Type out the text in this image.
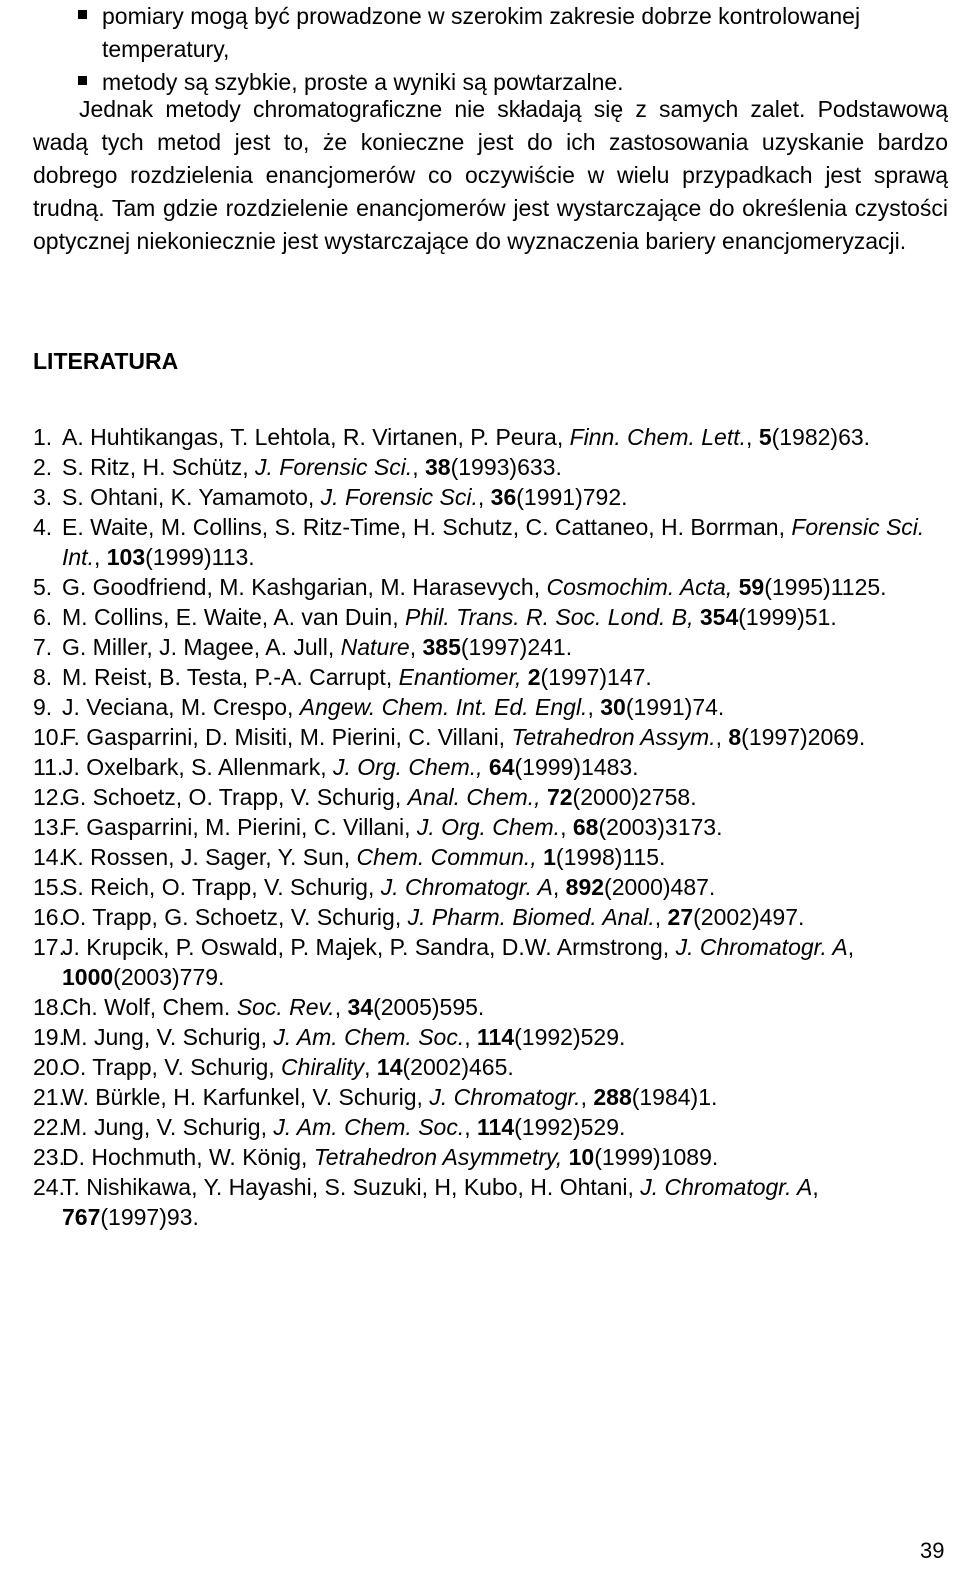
pomiary mogą być prowadzone w szerokim zakresie dobrze kontrolowanej temperatury,
metody są szybkie, proste a wyniki są powtarzalne.
Jednak metody chromatograficzne nie składają się z samych zalet. Podstawową wadą tych metod jest to, że konieczne jest do ich zastosowania uzyskanie bardzo dobrego rozdzielenia enancjomerów co oczywiście w wielu przypadkach jest sprawą trudną. Tam gdzie rozdzielenie enancjomerów jest wystarczające do określenia czystości optycznej niekoniecznie jest wystarczające do wyznaczenia bariery enancjomeryzacji.
LITERATURA
1. A. Huhtikangas, T. Lehtola, R. Virtanen, P. Peura, Finn. Chem. Lett., 5(1982)63.
2. S. Ritz, H. Schütz, J. Forensic Sci., 38(1993)633.
3. S. Ohtani, K. Yamamoto, J. Forensic Sci., 36(1991)792.
4. E. Waite, M. Collins, S. Ritz-Time, H. Schutz, C. Cattaneo, H. Borrman, Forensic Sci. Int., 103(1999)113.
5. G. Goodfriend, M. Kashgarian, M. Harasevych, Cosmochim. Acta, 59(1995)1125.
6. M. Collins, E. Waite, A. van Duin, Phil. Trans. R. Soc. Lond. B, 354(1999)51.
7. G. Miller, J. Magee, A. Jull, Nature, 385(1997)241.
8. M. Reist, B. Testa, P.-A. Carrupt, Enantiomer, 2(1997)147.
9. J. Veciana, M. Crespo, Angew. Chem. Int. Ed. Engl., 30(1991)74.
10.
F. Gasparrini, D. Misiti, M. Pierini, C. Villani, Tetrahedron Assym., 8(1997)2069.
11.
J. Oxelbark, S. Allenmark, J. Org. Chem., 64(1999)1483.
12.
G. Schoetz, O. Trapp, V. Schurig, Anal. Chem., 72(2000)2758.
13.
F. Gasparrini, M. Pierini, C. Villani, J. Org. Chem., 68(2003)3173.
14.
K. Rossen, J. Sager, Y. Sun, Chem. Commun., 1(1998)115.
15.
S. Reich, O. Trapp, V. Schurig, J. Chromatogr. A, 892(2000)487.
16.
O. Trapp, G. Schoetz, V. Schurig, J. Pharm. Biomed. Anal., 27(2002)497.
17.
J. Krupcik, P. Oswald, P. Majek, P. Sandra, D.W. Armstrong, J. Chromatogr. A, 1000(2003)779.
18.
Ch. Wolf, Chem. Soc. Rev., 34(2005)595.
19.
M. Jung, V. Schurig, J. Am. Chem. Soc., 114(1992)529.
20.
O. Trapp, V. Schurig, Chirality, 14(2002)465.
21.
W. Bürkle, H. Karfunkel, V. Schurig, J. Chromatogr., 288(1984)1.
22.
M. Jung, V. Schurig, J. Am. Chem. Soc., 114(1992)529.
23.
D. Hochmuth, W. König, Tetrahedron Asymmetry, 10(1999)1089.
24.
T. Nishikawa, Y. Hayashi, S. Suzuki, H, Kubo, H. Ohtani, J. Chromatogr. A, 767(1997)93.
39
